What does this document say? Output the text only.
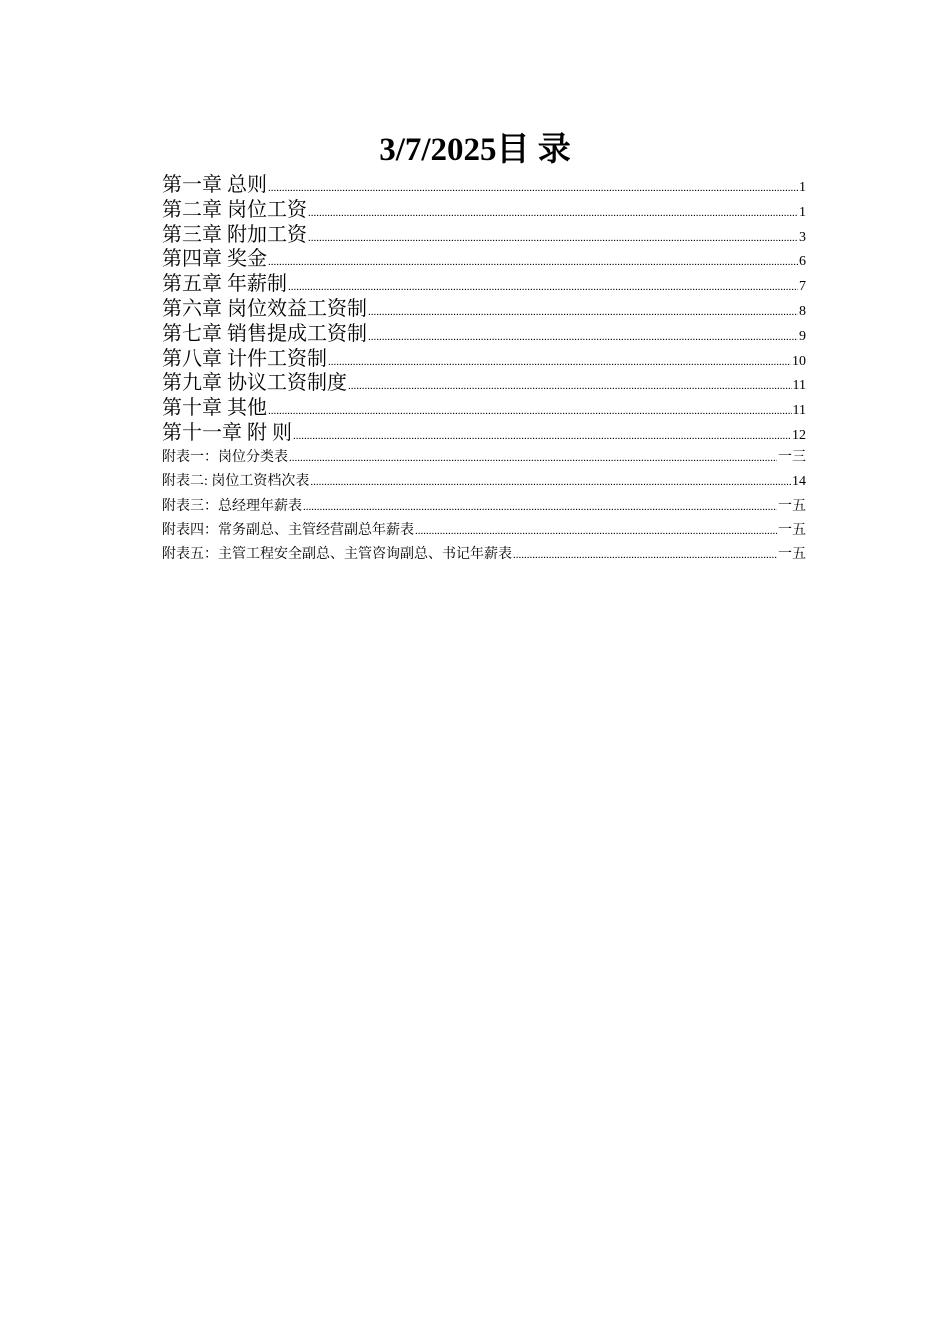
3/7/2025目 录
第一章 总则 .....	1
第二章 岗位工资 .....	1
第三章 附加工资 .....	3
第四章 奖金 .....	6
第五章 年薪制 .....	7
第六章 岗位效益工资制 .....	8
第七章 销售提成工资制 .....	9
第八章 计件工资制 .....	10
第九章 协议工资制度 .....	11
第十章 其他 .....	11
第十一章 附 则 .....	12
附表一：岗位分类表 .....	一三
附表二: 岗位工资档次表 .....	14
附表三：总经理年薪表 .....	一五
附表四：常务副总、主管经营副总年薪表 .....	一五
附表五：主管工程安全副总、主管咨询副总、书记年薪表 .....	一五
